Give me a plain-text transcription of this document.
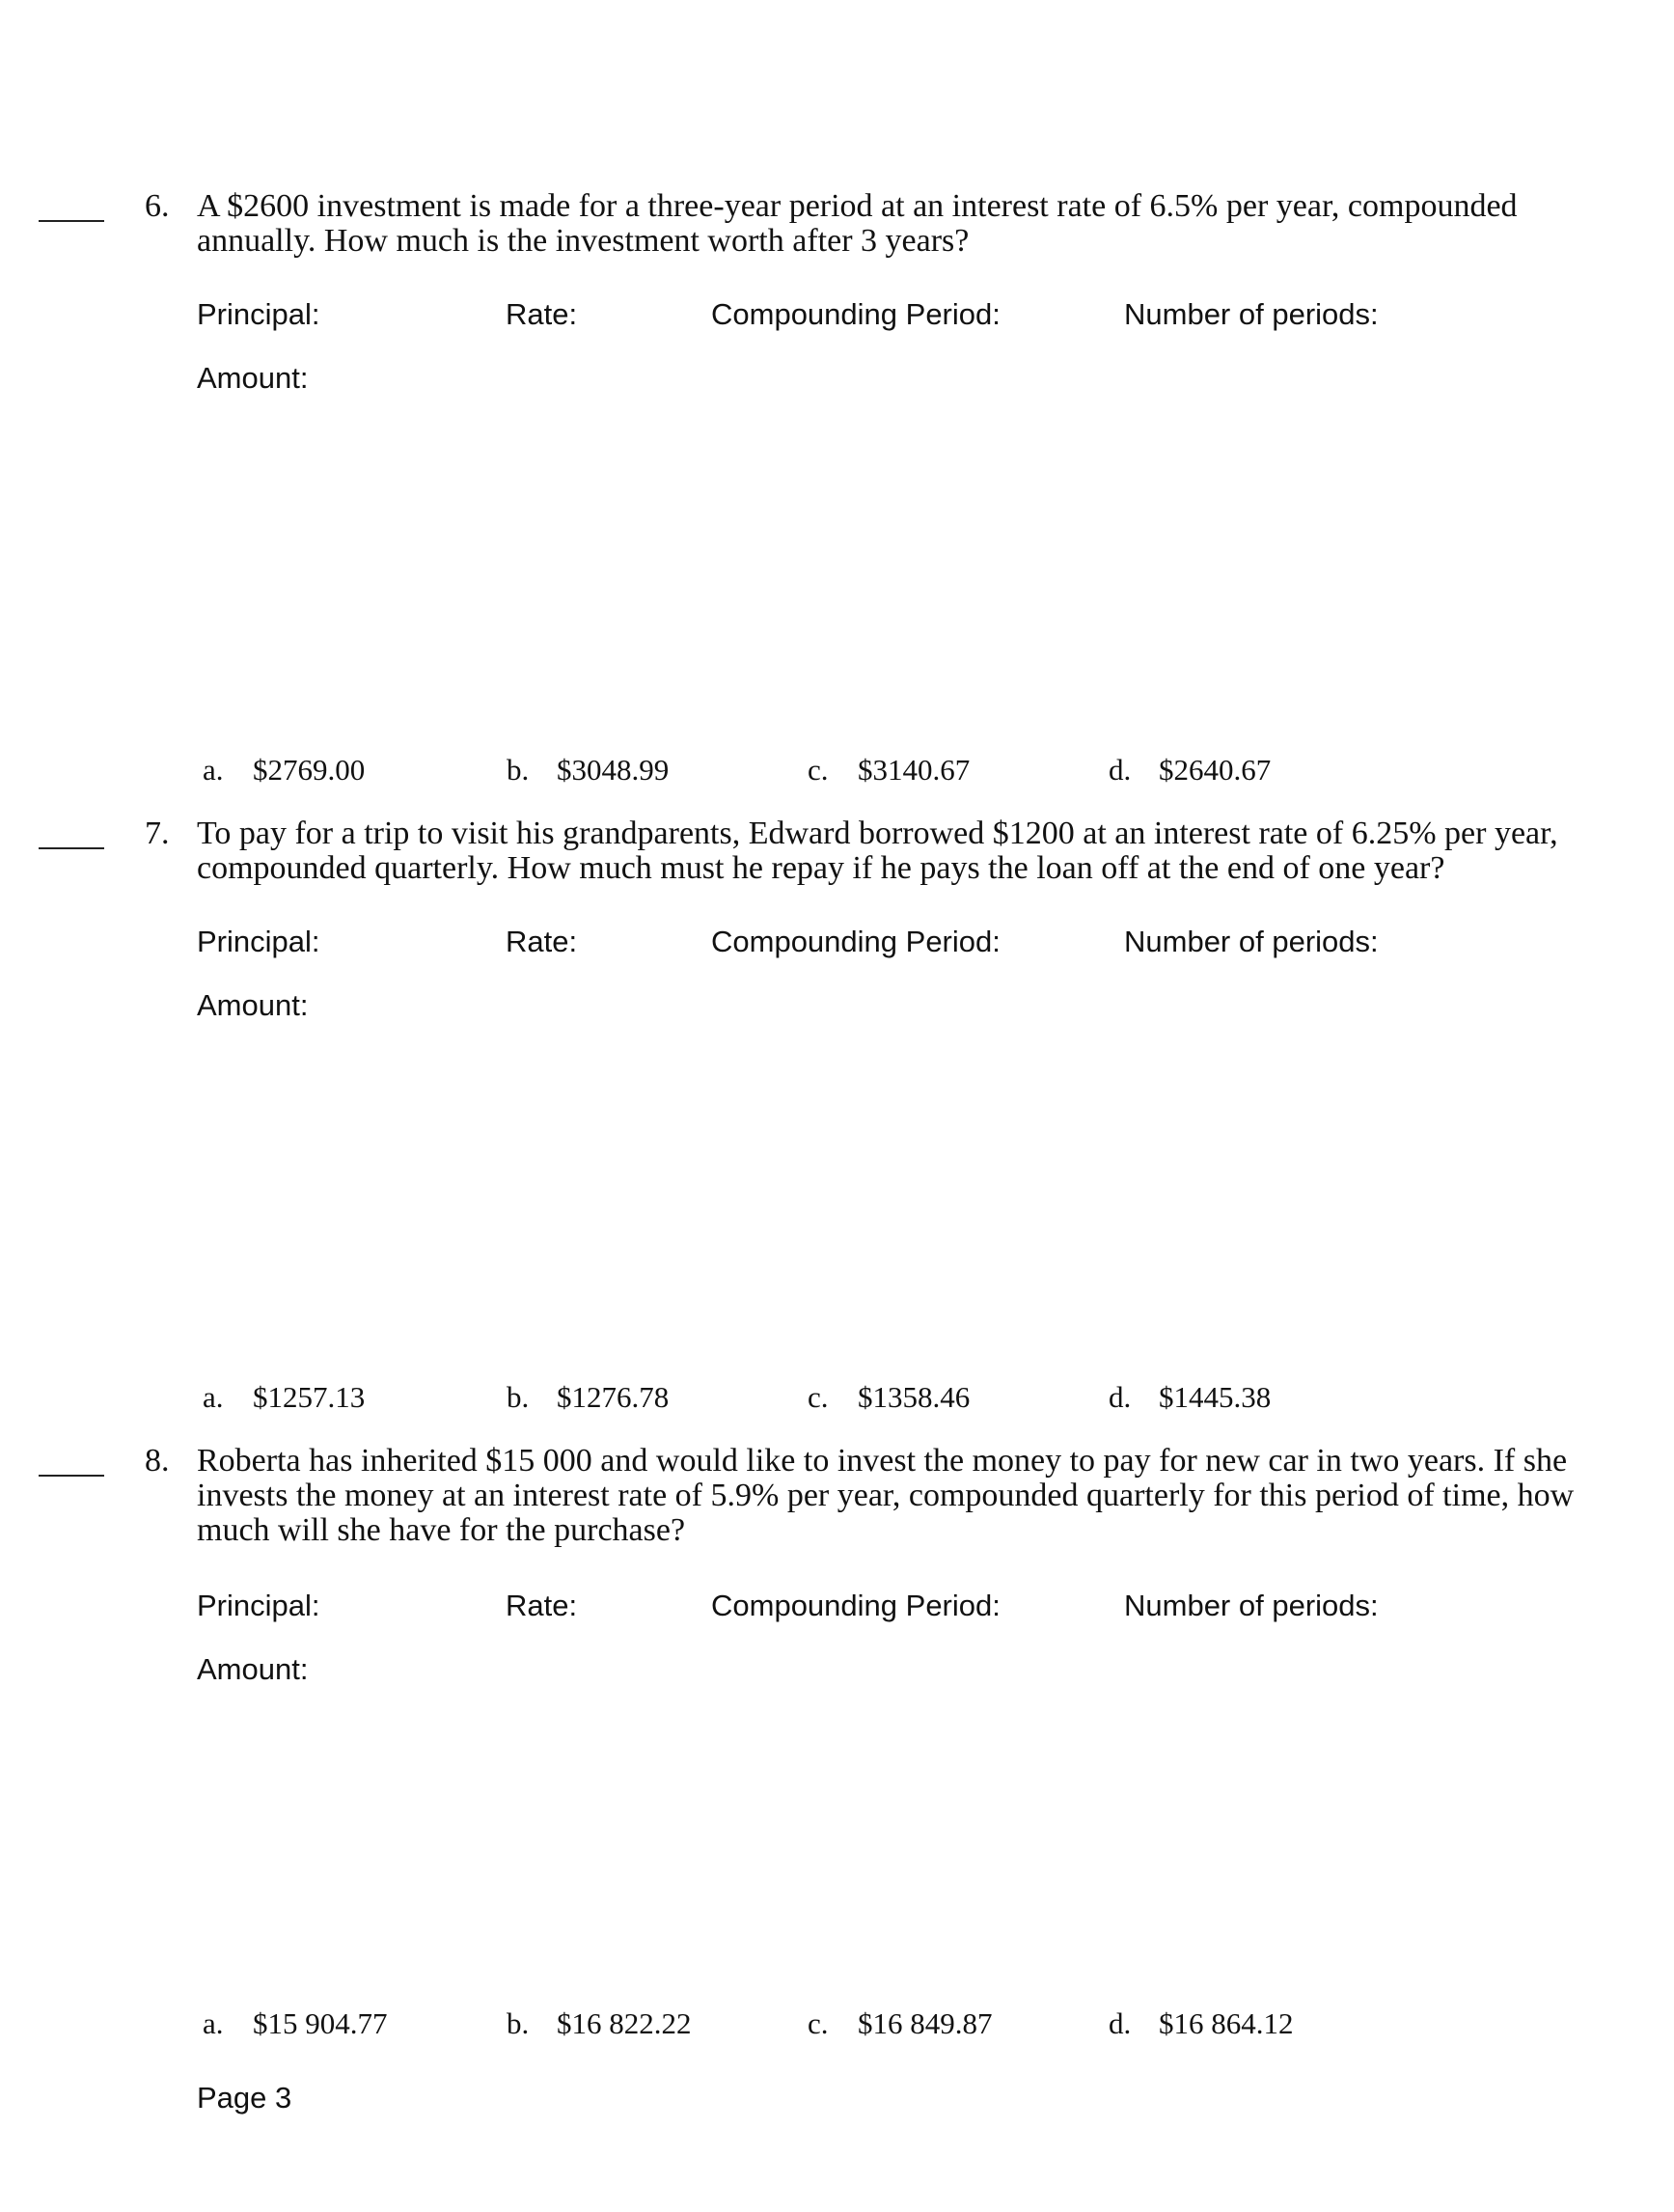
6. A $2600 investment is made for a three-year period at an interest rate of 6.5% per year, compounded
annually. How much is the investment worth after 3 years?
Principal:	Rate:	Compounding Period:	Number of periods:
Amount:
a. $2769.00	b. $3048.99	c. $3140.67	d. $2640.67
7. To pay for a trip to visit his grandparents, Edward borrowed $1200 at an interest rate of 6.25% per year,
compounded quarterly. How much must he repay if he pays the loan off at the end of one year?
Principal:	Rate:	Compounding Period:	Number of periods:
Amount:
a. $1257.13	b. $1276.78	c. $1358.46	d. $1445.38
8. Roberta has inherited $15 000 and would like to invest the money to pay for new car in two years. If she
invests the money at an interest rate of 5.9% per year, compounded quarterly for this period of time, how
much will she have for the purchase?
Principal:	Rate:	Compounding Period:	Number of periods:
Amount:
a. $15 904.77	b. $16 822.22	c. $16 849.87	d. $16 864.12
Page 3
